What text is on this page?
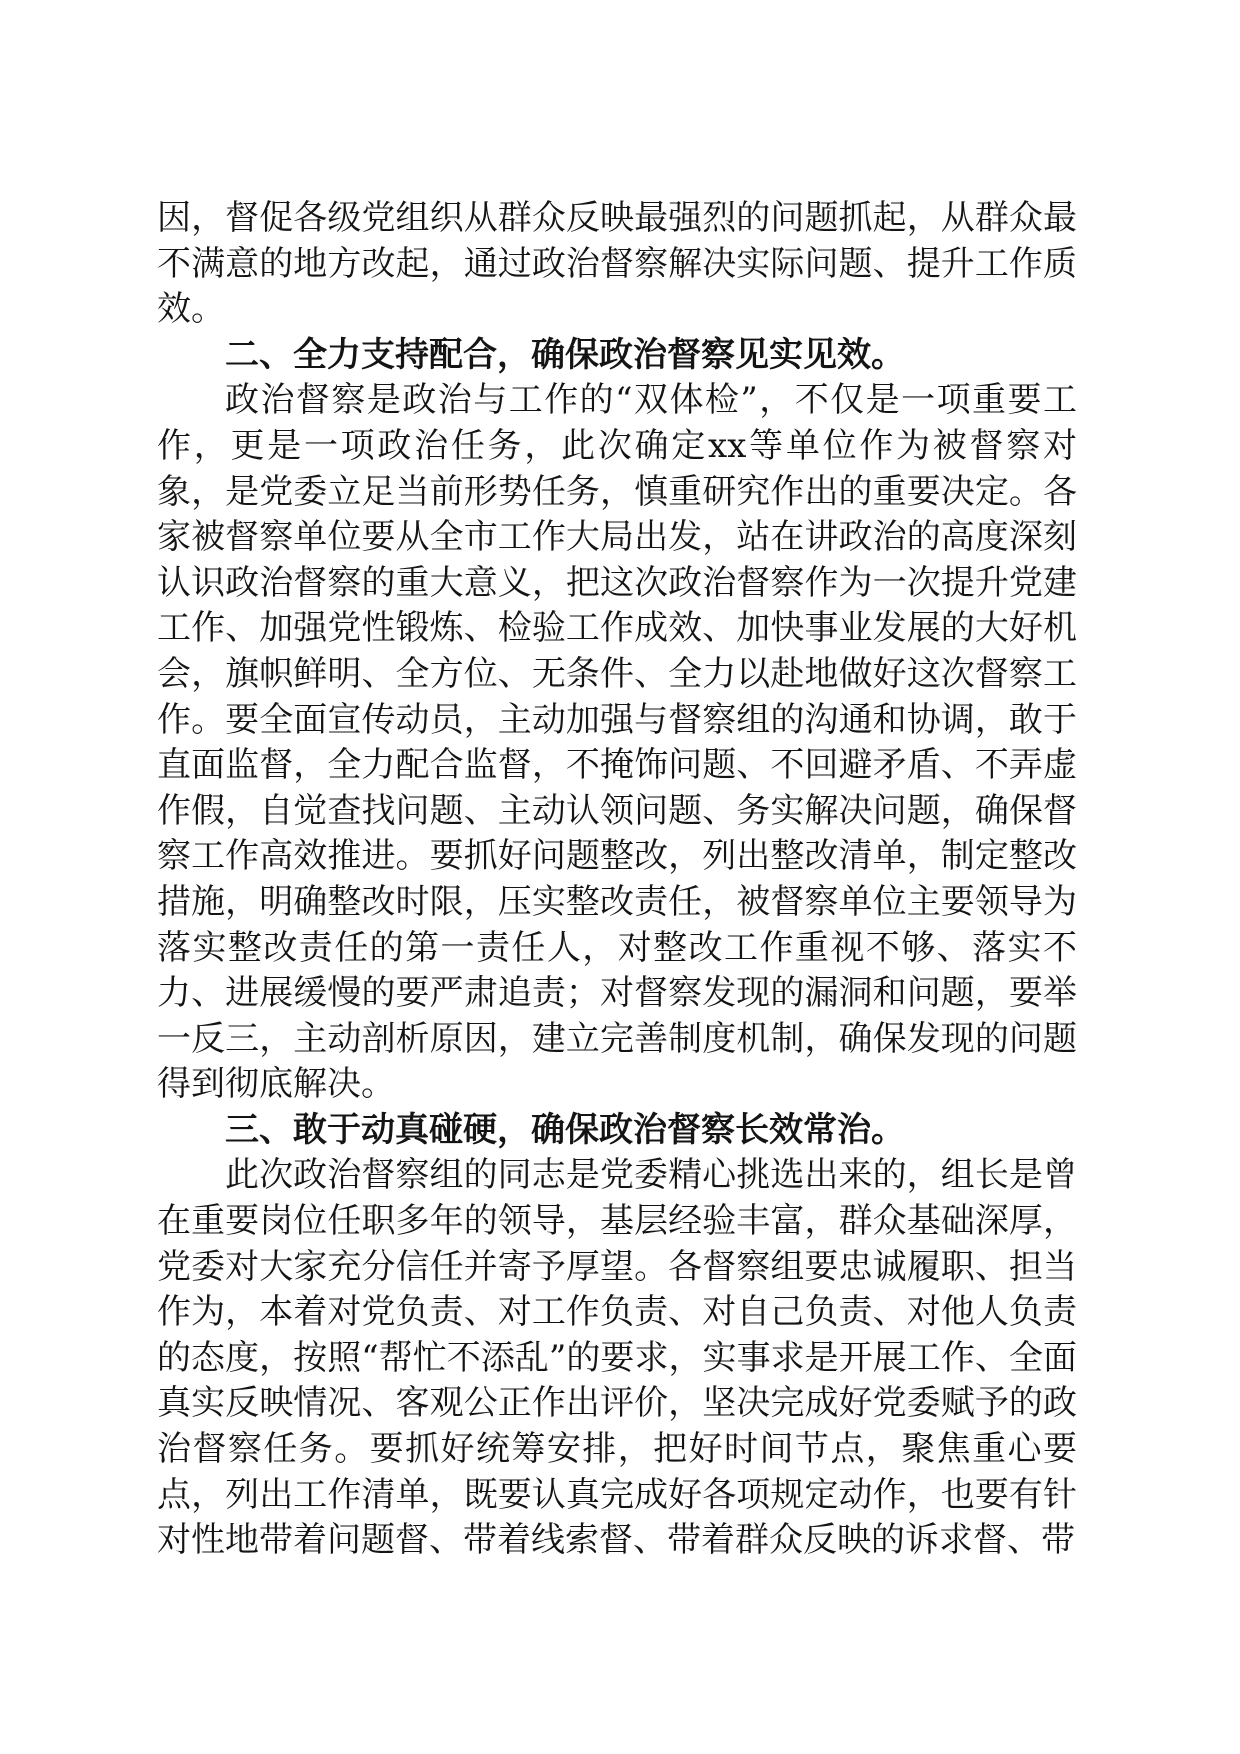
因，督促各级党组织从群众反映最强烈的问题抓起，从群众最不满意的地方改起，通过政治督察解决实际问题、提升工作质效。

二、全力支持配合，确保政治督察见实见效。

政治督察是政治与工作的“双体检”，不仅是一项重要工作，更是一项政治任务，此次确定xx等单位作为被督察对象，是党委立足当前形势任务，慎重研究作出的重要决定。各家被督察单位要从全市工作大局出发，站在讲政治的高度深刻认识政治督察的重大意义，把这次政治督察作为一次提升党建工作、加强党性锻炼、检验工作成效、加快事业发展的大好机会，旗帜鲜明、全方位、无条件、全力以赴地做好这次督察工作。要全面宣传动员，主动加强与督察组的沟通和协调，敢于直面监督，全力配合监督，不掩饰问题、不回避矛盾、不弄虚作假，自觉查找问题、主动认领问题、务实解决问题，确保督察工作高效推进。要抓好问题整改，列出整改清单，制定整改措施，明确整改时限，压实整改责任，被督察单位主要领导为落实整改责任的第一责任人，对整改工作重视不够、落实不力、进展缓慢的要严肃追责；对督察发现的漏洞和问题，要举一反三，主动剖析原因，建立完善制度机制，确保发现的问题得到彻底解决。

三、敢于动真碰硬，确保政治督察长效常治。

此次政治督察组的同志是党委精心挑选出来的，组长是曾在重要岗位任职多年的领导，基层经验丰富，群众基础深厚，党委对大家充分信任并寄予厚望。各督察组要忠诚履职、担当作为，本着对党负责、对工作负责、对自己负责、对他人负责的态度，按照“帮忙不添乱”的要求，实事求是开展工作、全面真实反映情况、客观公正作出评价，坚决完成好党委赋予的政治督察任务。要抓好统筹安排，把好时间节点，聚焦重心要点，列出工作清单，既要认真完成好各项规定动作，也要有针对性地带着问题督、带着线索督、带着群众反映的诉求督、带
